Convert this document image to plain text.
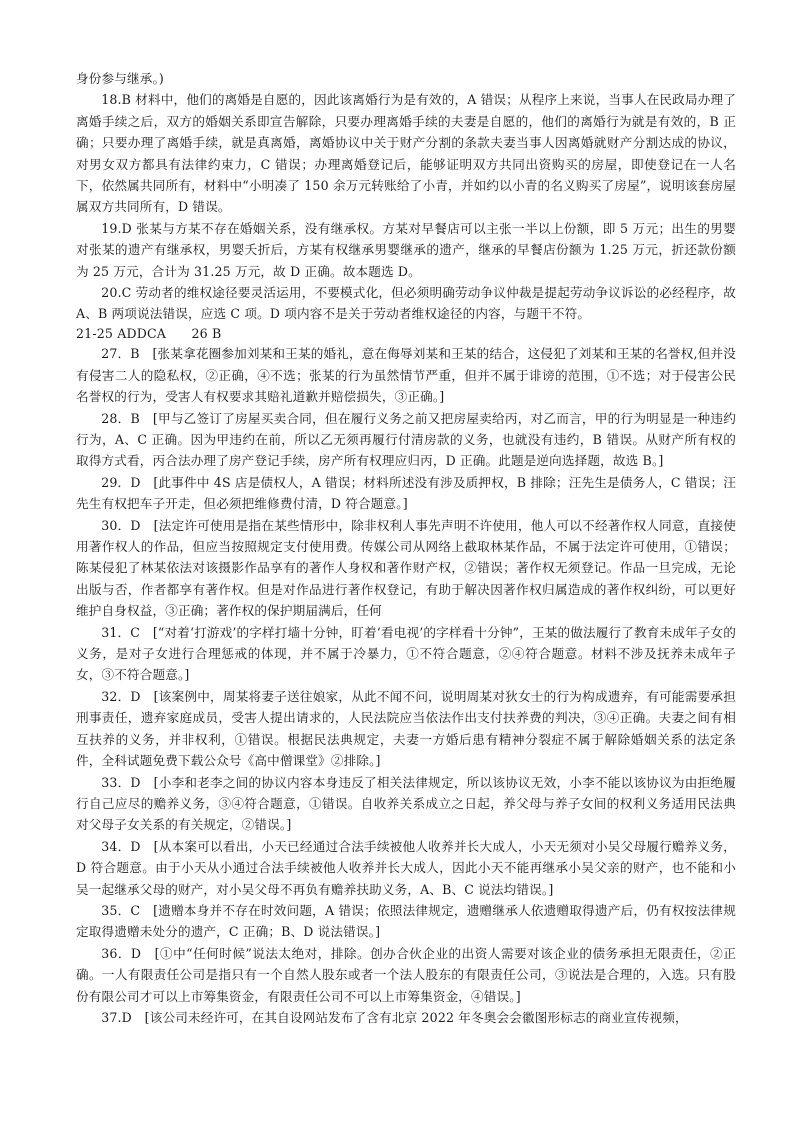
身份参与继承。)

18.B 材料中，他们的离婚是自愿的，因此该离婚行为是有效的，A 错误；从程序上来说，当事人在民政局办理了离婚手续之后，双方的婚姻关系即宣告解除，只要办理离婚手续的夫妻是自愿的，他们的离婚行为就是有效的，B 正确；只要办理了离婚手续，就是真离婚，离婚协议中关于财产分割的条款夫妻当事人因离婚就财产分割达成的协议，对男女双方都具有法律约束力，C 错误；办理离婚登记后，能够证明双方共同出资购买的房屋，即使登记在一人名下，依然属共同所有，材料中“小明凑了 150 余万元转账给了小青，并如约以小青的名义购买了房屋”，说明该套房屋属双方共同所有，D 错误。

19.D 张某与方某不存在婚姻关系，没有继承权。方某对早餐店可以主张一半以上份额，即 5 万元；出生的男婴对张某的遗产有继承权，男婴夭折后，方某有权继承男婴继承的遗产，继承的早餐店份额为 1.25 万元，折还款份额为 25 万元，合计为 31.25 万元，故 D 正确。故本题选 D。

20.C 劳动者的维权途径要灵活运用，不要模式化，但必须明确劳动争议仲裁是提起劳动争议诉讼的必经程序，故 A、B 两项说法错误，应选 C 项。D 项内容不是关于劳动者维权途径的内容，与题干不符。

21-25 ADDCA　　26 B

27．B　[张某拿花圈参加刘某和王某的婚礼，意在侮辱刘某和王某的结合，这侵犯了刘某和王某的名誉权,但并没有侵害二人的隐私权，②正确，④不选；张某的行为虽然情节严重，但并不属于诽谤的范围，①不选；对于侵害公民名誉权的行为，受害人有权要求其赔礼道歉并赔偿损失，③正确。]

28．B　[甲与乙签订了房屋买卖合同，但在履行义务之前又把房屋卖给丙，对乙而言，甲的行为明显是一种违约行为，A、C 正确。因为甲违约在前，所以乙无须再履行付清房款的义务，也就没有违约，B 错误。从财产所有权的取得方式看，丙合法办理了房产登记手续，房产所有权理应归丙，D 正确。此题是逆向选择题，故选 B。]

29．D　[此事件中 4S 店是债权人，A 错误；材料所述没有涉及质押权，B 排除；汪先生是债务人，C 错误；汪先生有权把车子开走，但必须把维修费付清，D 符合题意。]

30．D　[法定许可使用是指在某些情形中，除非权利人事先声明不许使用，他人可以不经著作权人同意，直接使用著作权人的作品，但应当按照规定支付使用费。传媒公司从网络上截取林某作品，不属于法定许可使用，①错误；陈某侵犯了林某依法对该摄影作品享有的著作人身权和著作财产权，②错误；著作权无须登记。作品一旦完成，无论出版与否，作者都享有著作权。但是对作品进行著作权登记，有助于解决因著作权归属造成的著作权纠纷，可以更好维护自身权益，③正确；著作权的保护期届满后，任何

31．C　[“对着‘打游戏’的字样打墙十分钟，盯着‘看电视’的字样看十分钟”，王某的做法履行了教育未成年子女的义务，是对子女进行合理惩戒的体现，并不属于冷暴力，①不符合题意，②④符合题意。材料不涉及抚养未成年子女，③不符合题意。]

32．D　[该案例中，周某将妻子送往娘家，从此不闻不问，说明周某对狄女士的行为构成遗弃，有可能需要承担刑事责任，遗弃家庭成员，受害人提出请求的，人民法院应当依法作出支付扶养费的判决，③④正确。夫妻之间有相互扶养的义务，并非权利，①错误。根据民法典规定，夫妻一方婚后患有精神分裂症不属于解除婚姻关系的法定条件，全科试题免费下载公众号《高中僧课堂》②排除。]

33．D　[小李和老李之间的协议内容本身违反了相关法律规定，所以该协议无效，小李不能以该协议为由拒绝履行自己应尽的赡养义务，③④符合题意，①错误。自收养关系成立之日起，养父母与养子女间的权利义务适用民法典对父母子女关系的有关规定，②错误。]

34．D　[从本案可以看出，小天已经通过合法手续被他人收养并长大成人，小天无须对小吴父母履行赡养义务，D 符合题意。由于小天从小通过合法手续被他人收养并长大成人，因此小天不能再继承小吴父亲的财产，也不能和小吴一起继承父母的财产，对小吴父母不再负有赡养扶助义务，A、B、C 说法均错误。]

35．C　[遗赠本身并不存在时效问题，A 错误；依照法律规定，遗赠继承人依遗赠取得遗产后，仍有权按法律规定取得遗赠未处分的遗产，C 正确；B、D 说法错误。]

36．D　[①中“任何时候”说法太绝对，排除。创办合伙企业的出资人需要对该企业的债务承担无限责任，②正确。一人有限责任公司是指只有一个自然人股东或者一个法人股东的有限责任公司，③说法是合理的，入选。只有股份有限公司才可以上市筹集资金，有限责任公司不可以上市筹集资金，④错误。]

37.D　[该公司未经许可，在其自设网站发布了含有北京 2022 年冬奥会会徽图形标志的商业宣传视频，
